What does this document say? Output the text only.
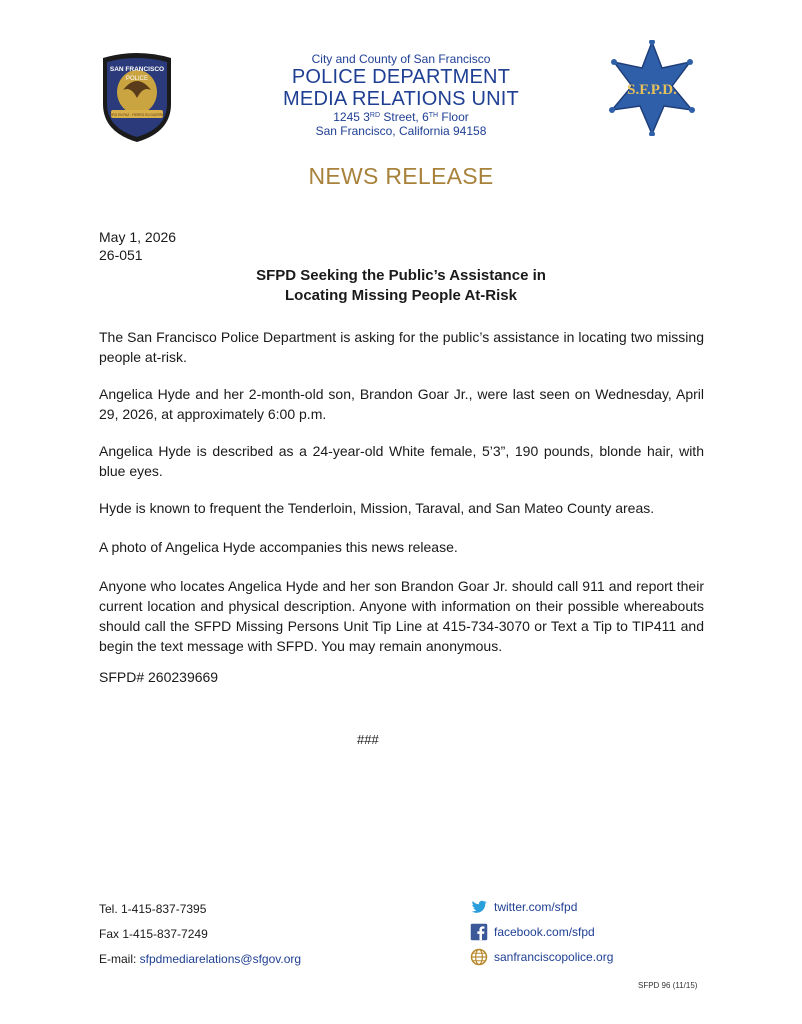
SAN FRANCISCO
POLICE
ORO EN PAZ · FIERRO EN GUERRA
City and County of San Francisco
POLICE DEPARTMENT
MEDIA RELATIONS UNIT
1245 3RD Street, 6TH Floor
San Francisco, California 94158
S.F.P.D.
NEWS RELEASE
May 1, 2026
26-051
SFPD Seeking the Public’s Assistance in
Locating Missing People At-Risk

The San Francisco Police Department is asking for the public’s assistance in locating two missing people at-risk.

Angelica Hyde and her 2-month-old son, Brandon Goar Jr., were last seen on Wednesday, April 29, 2026, at approximately 6:00 p.m.

Angelica Hyde is described as a 24-year-old White female, 5’3”, 190 pounds, blonde hair, with blue eyes.

Hyde is known to frequent the Tenderloin, Mission, Taraval, and San Mateo County areas.

A photo of Angelica Hyde accompanies this news release.

Anyone who locates Angelica Hyde and her son Brandon Goar Jr. should call 911 and report their current location and physical description. Anyone with information on their possible whereabouts should call the SFPD Missing Persons Unit Tip Line at 415-734-3070 or Text a Tip to TIP411 and begin the text message with SFPD. You may remain anonymous.

SFPD# 260239669

###
Tel. 1-415-837-7395
Fax 1-415-837-7249
E-mail: sfpdmediarelations@sfgov.org
twitter.com/sfpd
facebook.com/sfpd
sanfranciscopolice.org
SFPD 96 (11/15)
